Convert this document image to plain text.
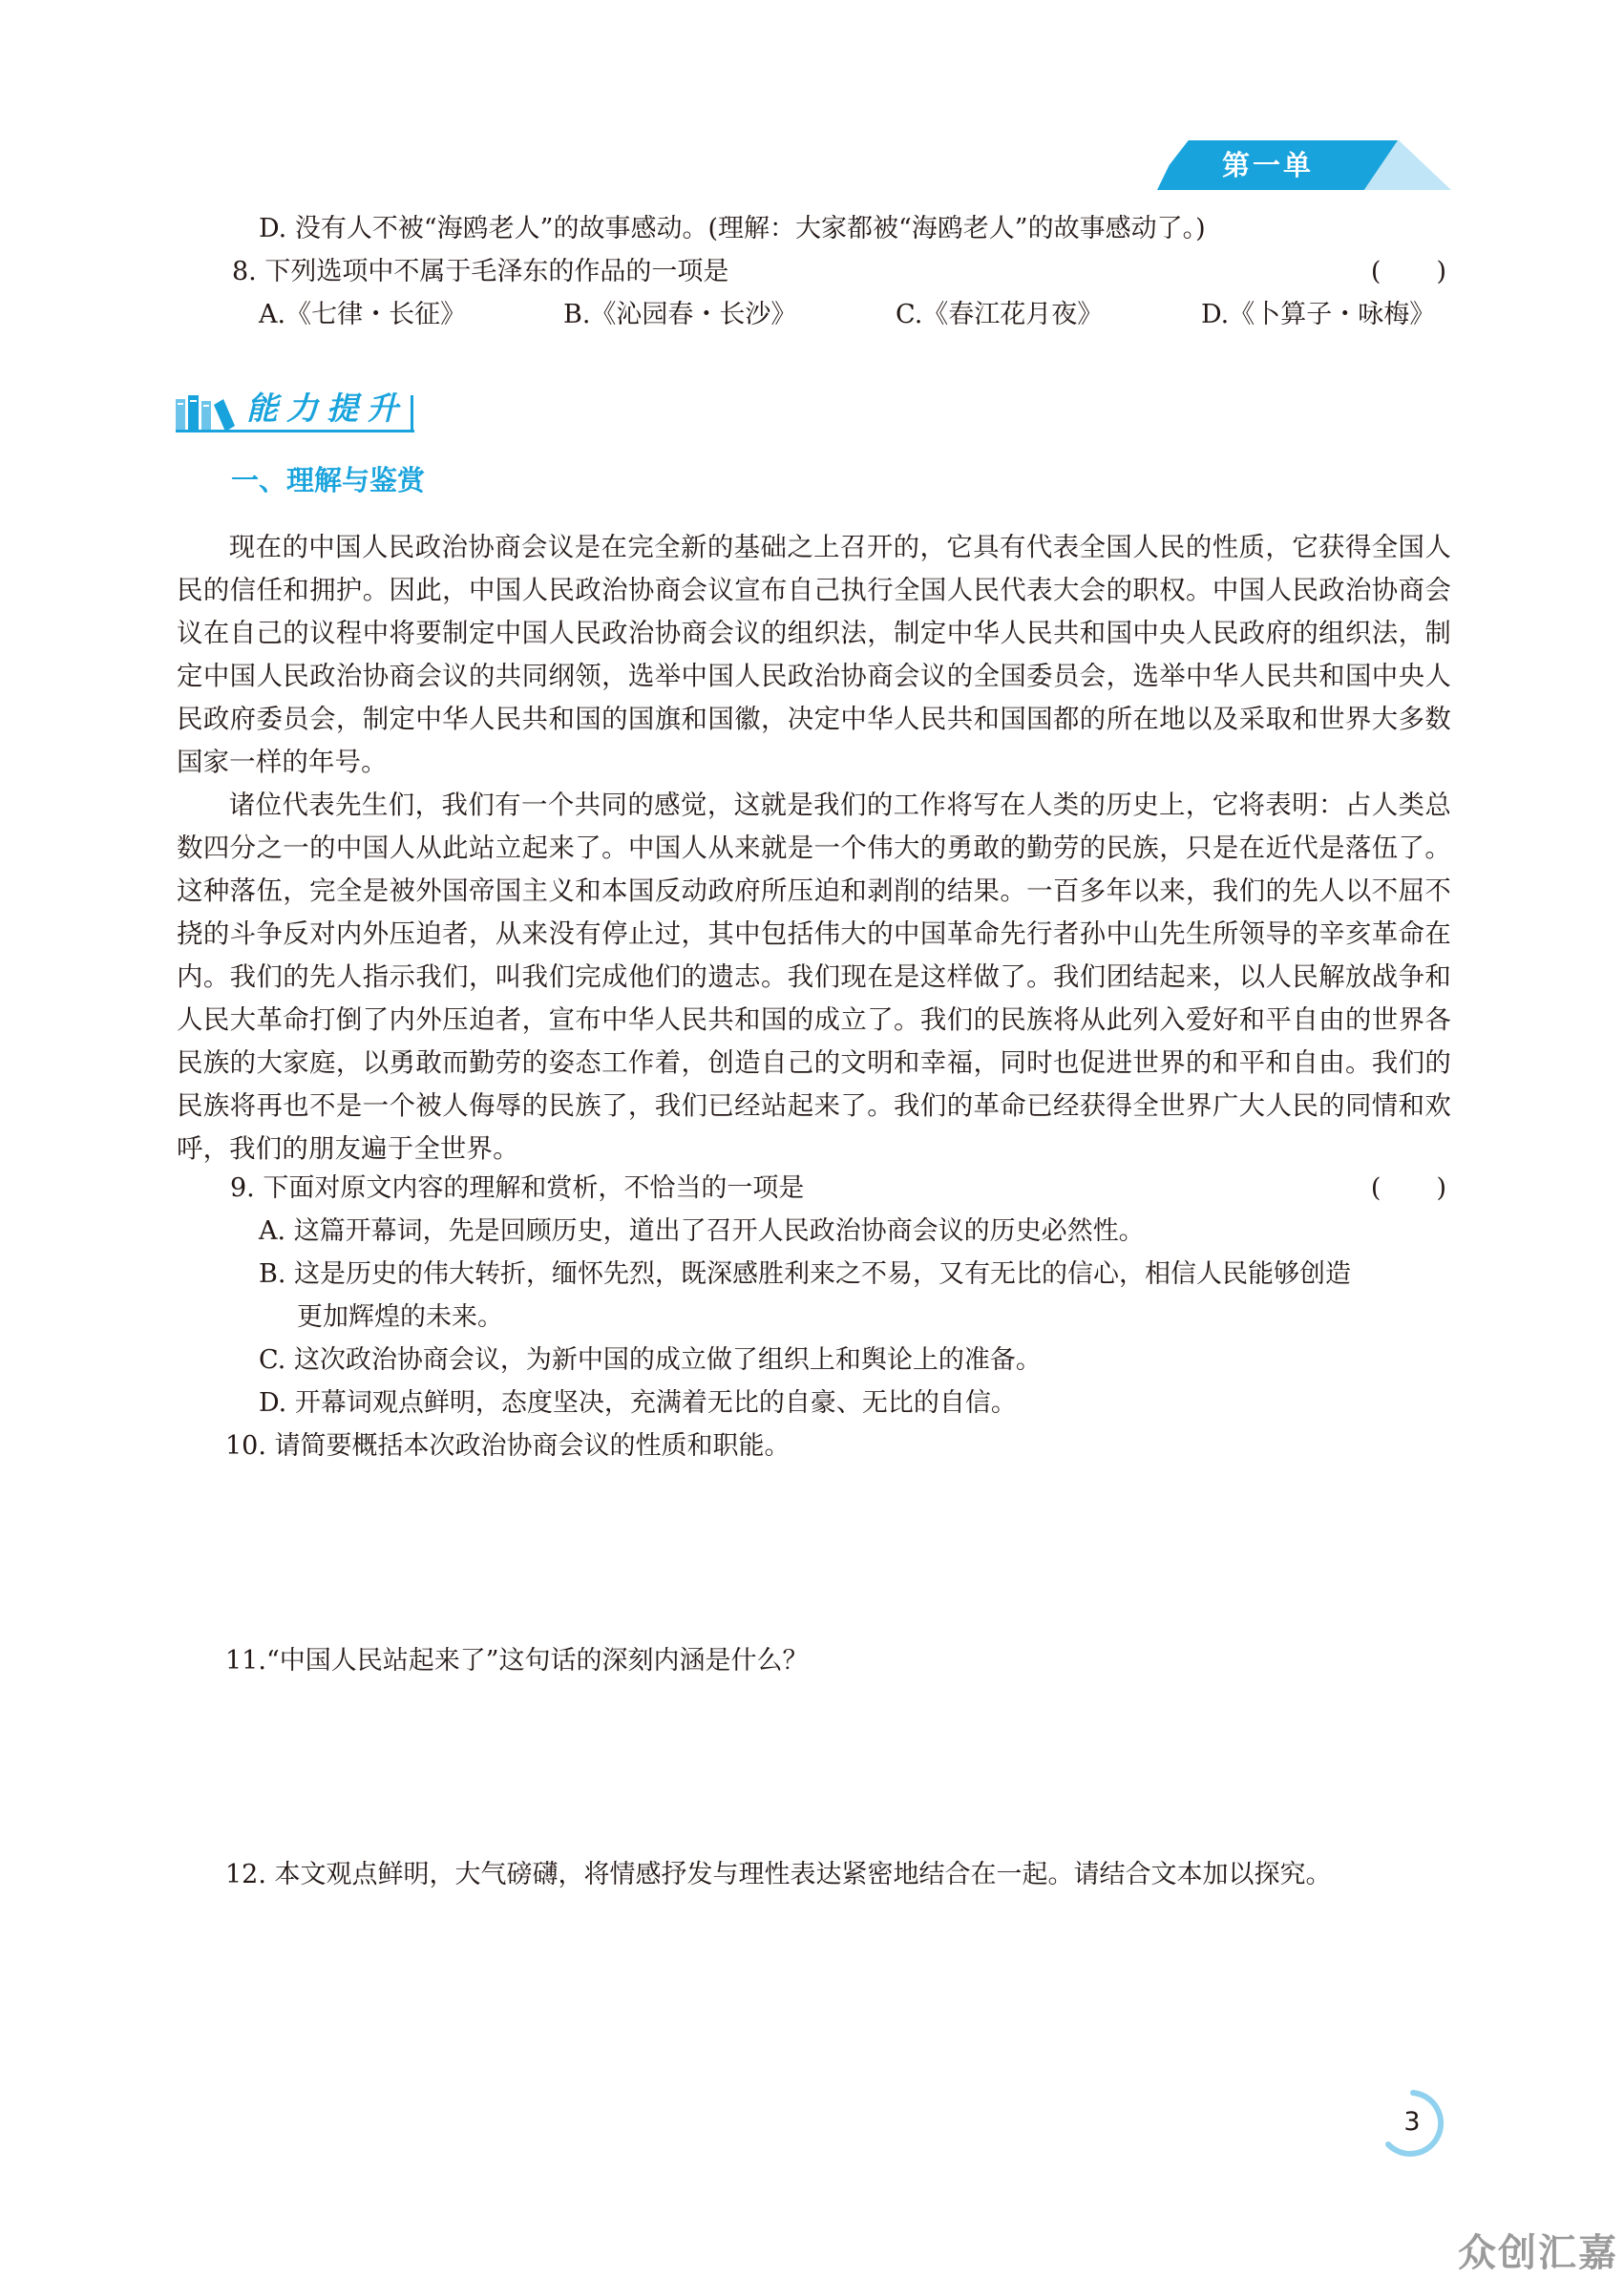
第一单元
D. 没有人不被“海鸥老人”的故事感动。(理解：大家都被“海鸥老人”的故事感动了。)
8. 下列选项中不属于毛泽东的作品的一项是	( )
A.《七律・长征》	B.《沁园春・长沙》	C.《春江花月夜》	D.《卜算子・咏梅》
能力提升
一、理解与鉴赏

现在的中国人民政治协商会议是在完全新的基础之上召开的，它具有代表全国人民的性质，它获得全国人民的信任和拥护。因此，中国人民政治协商会议宣布自己执行全国人民代表大会的职权。中国人民政治协商会议在自己的议程中将要制定中国人民政治协商会议的组织法，制定中华人民共和国中央人民政府的组织法，制定中国人民政治协商会议的共同纲领，选举中国人民政治协商会议的全国委员会，选举中华人民共和国中央人民政府委员会，制定中华人民共和国的国旗和国徽，决定中华人民共和国国都的所在地以及采取和世界大多数国家一样的年号。

诸位代表先生们，我们有一个共同的感觉，这就是我们的工作将写在人类的历史上，它将表明：占人类总数四分之一的中国人从此站立起来了。中国人从来就是一个伟大的勇敢的勤劳的民族，只是在近代是落伍了。这种落伍，完全是被外国帝国主义和本国反动政府所压迫和剥削的结果。一百多年以来，我们的先人以不屈不挠的斗争反对内外压迫者，从来没有停止过，其中包括伟大的中国革命先行者孙中山先生所领导的辛亥革命在内。我们的先人指示我们，叫我们完成他们的遗志。我们现在是这样做了。我们团结起来，以人民解放战争和人民大革命打倒了内外压迫者，宣布中华人民共和国的成立了。我们的民族将从此列入爱好和平自由的世界各民族的大家庭，以勇敢而勤劳的姿态工作着，创造自己的文明和幸福，同时也促进世界的和平和自由。我们的民族将再也不是一个被人侮辱的民族了，我们已经站起来了。我们的革命已经获得全世界广大人民的同情和欢呼，我们的朋友遍于全世界。

9. 下面对原文内容的理解和赏析，不恰当的一项是	( )
A. 这篇开幕词，先是回顾历史，道出了召开人民政治协商会议的历史必然性。
B. 这是历史的伟大转折，缅怀先烈，既深感胜利来之不易，又有无比的信心，相信人民能够创造
更加辉煌的未来。
C. 这次政治协商会议，为新中国的成立做了组织上和舆论上的准备。
D. 开幕词观点鲜明，态度坚决，充满着无比的自豪、无比的自信。
10. 请简要概括本次政治协商会议的性质和职能。
11.“中国人民站起来了”这句话的深刻内涵是什么？
12. 本文观点鲜明，大气磅礴，将情感抒发与理性表达紧密地结合在一起。请结合文本加以探究。
3
众创汇嘉
